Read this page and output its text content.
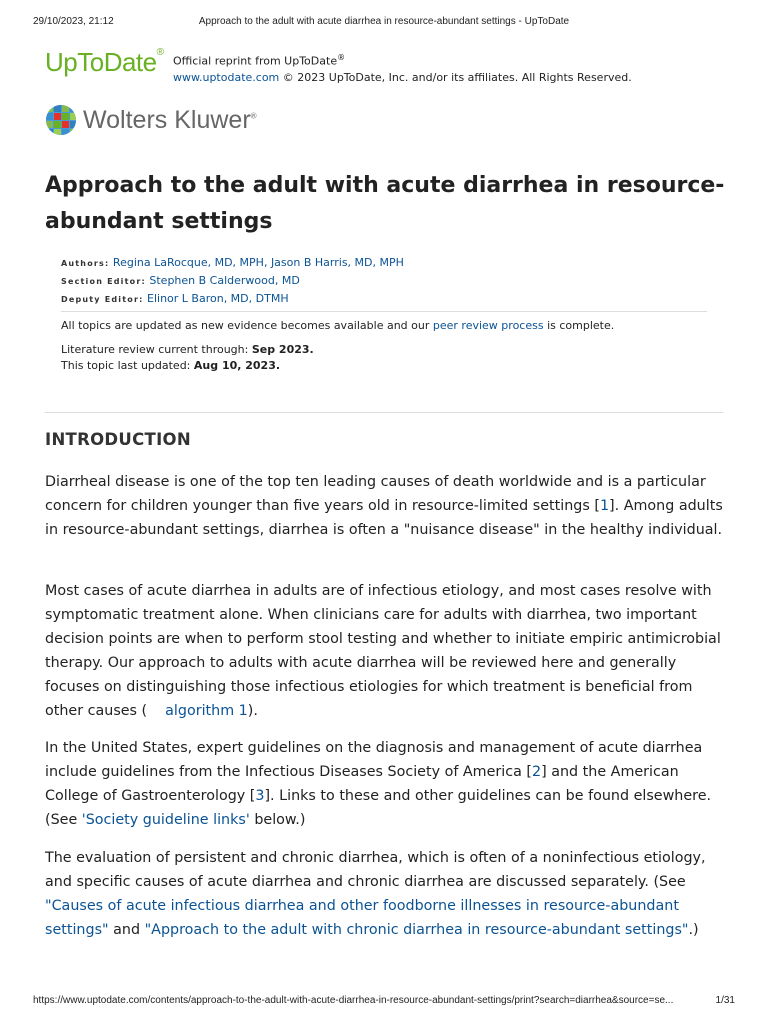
29/10/2023, 21:12	Approach to the adult with acute diarrhea in resource-abundant settings - UpToDate
UpToDate®
Official reprint from UpToDate®
www.uptodate.com © 2023 UpToDate, Inc. and/or its affiliates. All Rights Reserved.
Wolters Kluwer®
Approach to the adult with acute diarrhea in resource-abundant settings
Authors: Regina LaRocque, MD, MPH, Jason B Harris, MD, MPH
Section Editor: Stephen B Calderwood, MD
Deputy Editor: Elinor L Baron, MD, DTMH
All topics are updated as new evidence becomes available and our peer review process is complete.
Literature review current through: Sep 2023.
This topic last updated: Aug 10, 2023.
INTRODUCTION

Diarrheal disease is one of the top ten leading causes of death worldwide and is a particular concern for children younger than five years old in resource-limited settings [1]. Among adults in resource-abundant settings, diarrhea is often a "nuisance disease" in the healthy individual.

Most cases of acute diarrhea in adults are of infectious etiology, and most cases resolve with symptomatic treatment alone. When clinicians care for adults with diarrhea, two important decision points are when to perform stool testing and whether to initiate empiric antimicrobial therapy. Our approach to adults with acute diarrhea will be reviewed here and generally focuses on distinguishing those infectious etiologies for which treatment is beneficial from other causes ( algorithm 1).

In the United States, expert guidelines on the diagnosis and management of acute diarrhea include guidelines from the Infectious Diseases Society of America [2] and the American College of Gastroenterology [3]. Links to these and other guidelines can be found elsewhere. (See 'Society guideline links' below.)

The evaluation of persistent and chronic diarrhea, which is often of a noninfectious etiology, and specific causes of acute diarrhea and chronic diarrhea are discussed separately. (See "Causes of acute infectious diarrhea and other foodborne illnesses in resource-abundant settings" and "Approach to the adult with chronic diarrhea in resource-abundant settings".)

https://www.uptodate.com/contents/approach-to-the-adult-with-acute-diarrhea-in-resource-abundant-settings/print?search=diarrhea&source=se...	1/31
